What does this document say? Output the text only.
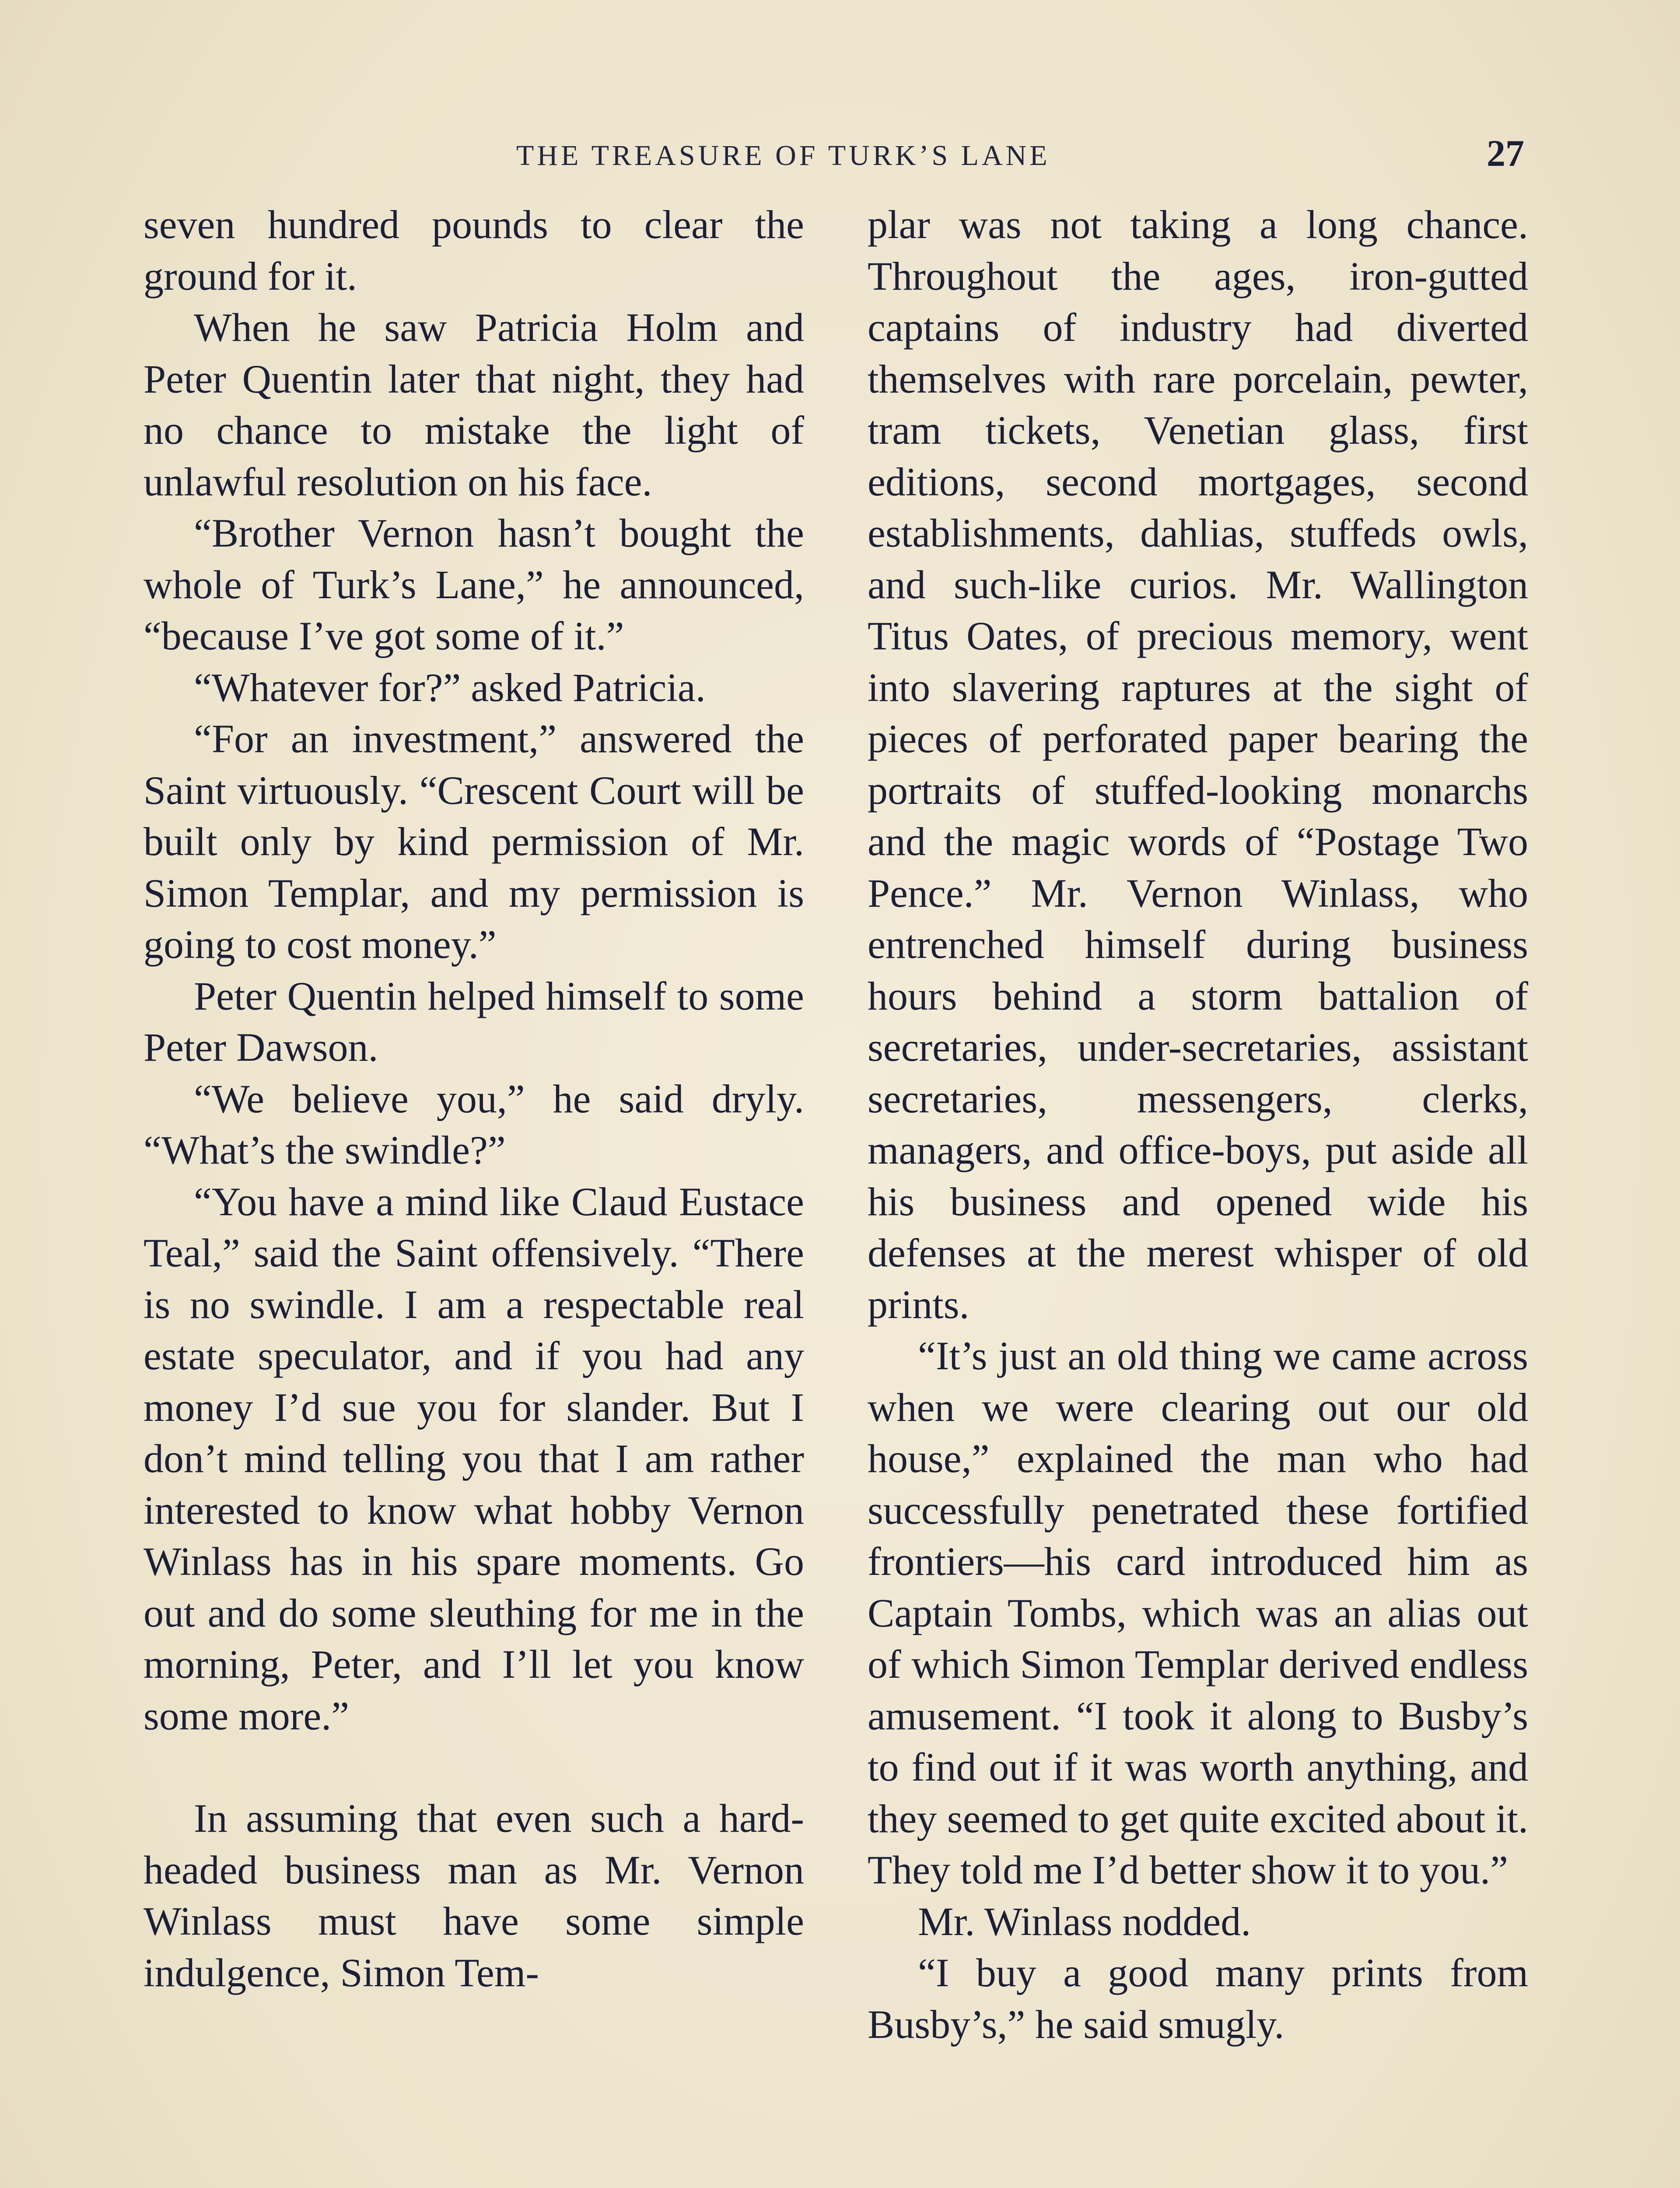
THE TREASURE OF TURK’S LANE	27

seven hundred pounds to clear the ground for it.

When he saw Patricia Holm and Peter Quentin later that night, they had no chance to mistake the light of unlawful resolution on his face.

“Brother Vernon hasn’t bought the whole of Turk’s Lane,” he announced, “because I’ve got some of it.”

“Whatever for?” asked Patricia.

“For an investment,” answered the Saint virtuously. “Crescent Court will be built only by kind permission of Mr. Simon Templar, and my permission is going to cost money.”

Peter Quentin helped himself to some Peter Dawson.

“We believe you,” he said dryly. “What’s the swindle?”

“You have a mind like Claud Eustace Teal,” said the Saint offensively. “There is no swindle. I am a respectable real estate speculator, and if you had any money I’d sue you for slander. But I don’t mind telling you that I am rather interested to know what hobby Vernon Winlass has in his spare moments. Go out and do some sleuthing for me in the morning, Peter, and I’ll let you know some more.”

In assuming that even such a hard-headed business man as Mr. Vernon Winlass must have some simple indulgence, Simon Tem-

plar was not taking a long chance. Throughout the ages, iron-gutted captains of industry had diverted themselves with rare porcelain, pewter, tram tickets, Venetian glass, first editions, second mortgages, second establishments, dahlias, stuffeds owls, and such-like curios. Mr. Wallington Titus Oates, of precious memory, went into slavering raptures at the sight of pieces of perforated paper bearing the portraits of stuffed-looking monarchs and the magic words of “Postage Two Pence.” Mr. Vernon Winlass, who entrenched himself during business hours behind a storm battalion of secretaries, under-secretaries, assistant secretaries, messengers, clerks, managers, and office-boys, put aside all his business and opened wide his defenses at the merest whisper of old prints.

“It’s just an old thing we came across when we were clearing out our old house,” explained the man who had successfully penetrated these fortified frontiers—his card introduced him as Captain Tombs, which was an alias out of which Simon Templar derived endless amusement. “I took it along to Busby’s to find out if it was worth anything, and they seemed to get quite excited about it. They told me I’d better show it to you.”

Mr. Winlass nodded.

“I buy a good many prints from Busby’s,” he said smugly.
